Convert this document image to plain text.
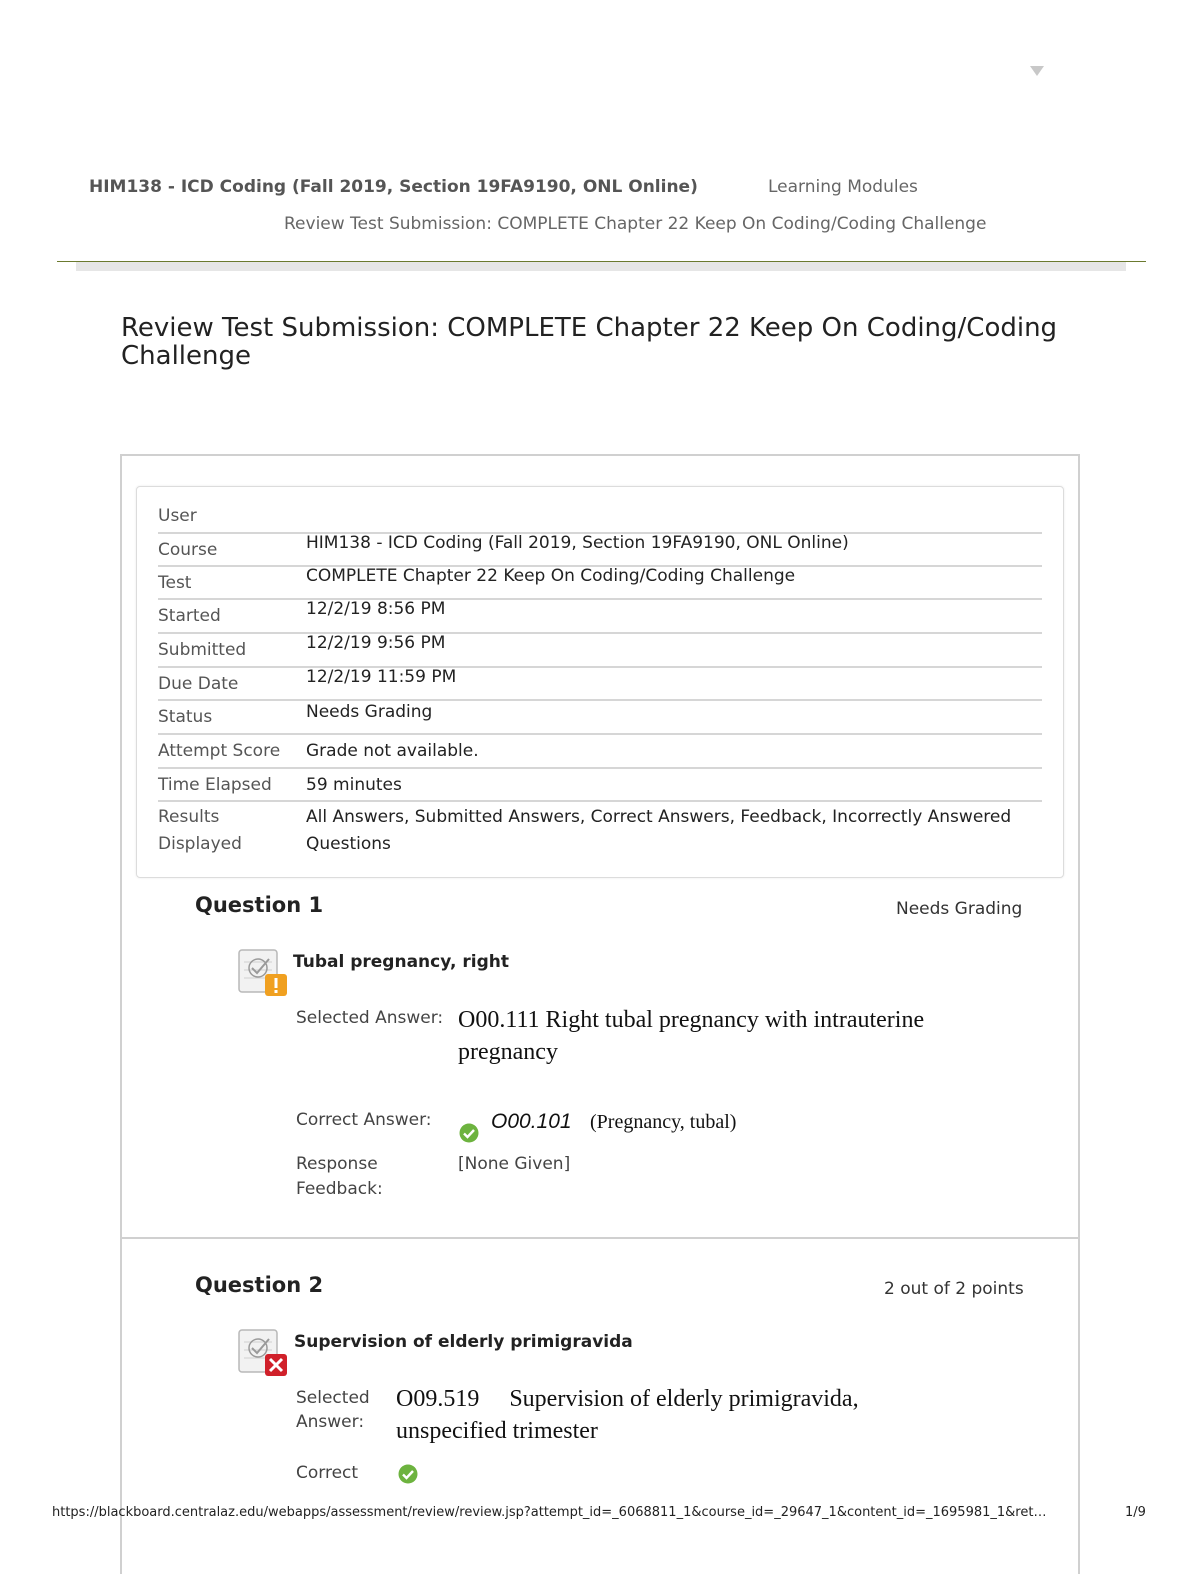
HIM138 - ICD Coding (Fall 2019, Section 19FA9190, ONL Online)	Learning Modules
Review Test Submission: COMPLETE Chapter 22 Keep On Coding/Coding Challenge
Review Test Submission: COMPLETE Chapter 22 Keep On Coding/Coding Challenge
User
Course	HIM138 - ICD Coding (Fall 2019, Section 19FA9190, ONL Online)
Test	COMPLETE Chapter 22 Keep On Coding/Coding Challenge
Started	12/2/19 8:56 PM
Submitted	12/2/19 9:56 PM
Due Date	12/2/19 11:59 PM
Status	Needs Grading
Attempt Score Grade not available.
Time Elapsed 59 minutes
Results
Displayed
All Answers, Submitted Answers, Correct Answers, Feedback, Incorrectly Answered
Questions
Question 1	Needs Grading
Tubal pregnancy, right
Selected Answer: O00.111 Right tubal pregnancy with intrauterine
pregnancy
Correct Answer:	O00.101 (Pregnancy, tubal)
Response
Feedback:
[None Given]
Question 2	2 out of 2 points
Supervision of elderly primigravida
Selected
Answer:
O09.519     Supervision of elderly primigravida,
unspecified trimester
Correct
https://blackboard.centralaz.edu/webapps/assessment/review/review.jsp?attempt_id=_6068811_1&course_id=_29647_1&content_id=_1695981_1&ret…	1/9
